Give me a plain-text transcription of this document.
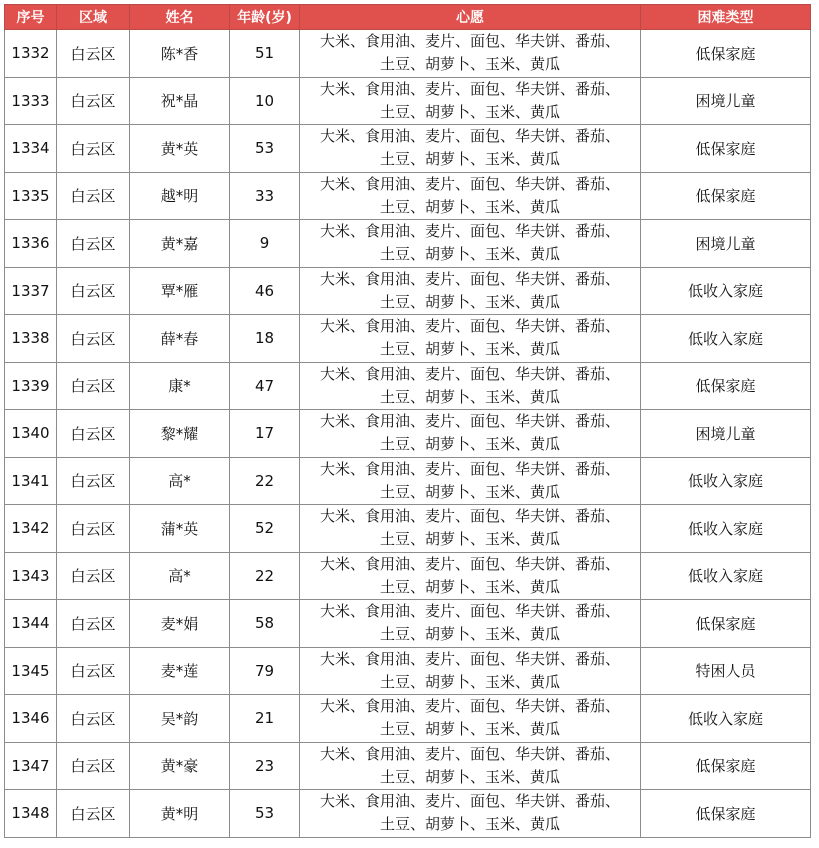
序号	区域	姓名	年龄(岁)	心愿	困难类型
1332	白云区	陈*香	51	大米、食用油、麦片、面包、华夫饼、番茄、
土豆、胡萝卜、玉米、黄瓜	低保家庭
1333	白云区	祝*晶	10	大米、食用油、麦片、面包、华夫饼、番茄、
土豆、胡萝卜、玉米、黄瓜	困境儿童
1334	白云区	黄*英	53	大米、食用油、麦片、面包、华夫饼、番茄、
土豆、胡萝卜、玉米、黄瓜	低保家庭
1335	白云区	越*明	33	大米、食用油、麦片、面包、华夫饼、番茄、
土豆、胡萝卜、玉米、黄瓜	低保家庭
1336	白云区	黄*嘉	9	大米、食用油、麦片、面包、华夫饼、番茄、
土豆、胡萝卜、玉米、黄瓜	困境儿童
1337	白云区	覃*雁	46	大米、食用油、麦片、面包、华夫饼、番茄、
土豆、胡萝卜、玉米、黄瓜	低收入家庭
1338	白云区	薛*春	18	大米、食用油、麦片、面包、华夫饼、番茄、
土豆、胡萝卜、玉米、黄瓜	低收入家庭
1339	白云区	康*	47	大米、食用油、麦片、面包、华夫饼、番茄、
土豆、胡萝卜、玉米、黄瓜	低保家庭
1340	白云区	黎*耀	17	大米、食用油、麦片、面包、华夫饼、番茄、
土豆、胡萝卜、玉米、黄瓜	困境儿童
1341	白云区	高*	22	大米、食用油、麦片、面包、华夫饼、番茄、
土豆、胡萝卜、玉米、黄瓜	低收入家庭
1342	白云区	蒲*英	52	大米、食用油、麦片、面包、华夫饼、番茄、
土豆、胡萝卜、玉米、黄瓜	低收入家庭
1343	白云区	高*	22	大米、食用油、麦片、面包、华夫饼、番茄、
土豆、胡萝卜、玉米、黄瓜	低收入家庭
1344	白云区	麦*娟	58	大米、食用油、麦片、面包、华夫饼、番茄、
土豆、胡萝卜、玉米、黄瓜	低保家庭
1345	白云区	麦*莲	79	大米、食用油、麦片、面包、华夫饼、番茄、
土豆、胡萝卜、玉米、黄瓜	特困人员
1346	白云区	吴*韵	21	大米、食用油、麦片、面包、华夫饼、番茄、
土豆、胡萝卜、玉米、黄瓜	低收入家庭
1347	白云区	黄*豪	23	大米、食用油、麦片、面包、华夫饼、番茄、
土豆、胡萝卜、玉米、黄瓜	低保家庭
1348	白云区	黄*明	53	大米、食用油、麦片、面包、华夫饼、番茄、
土豆、胡萝卜、玉米、黄瓜	低保家庭
